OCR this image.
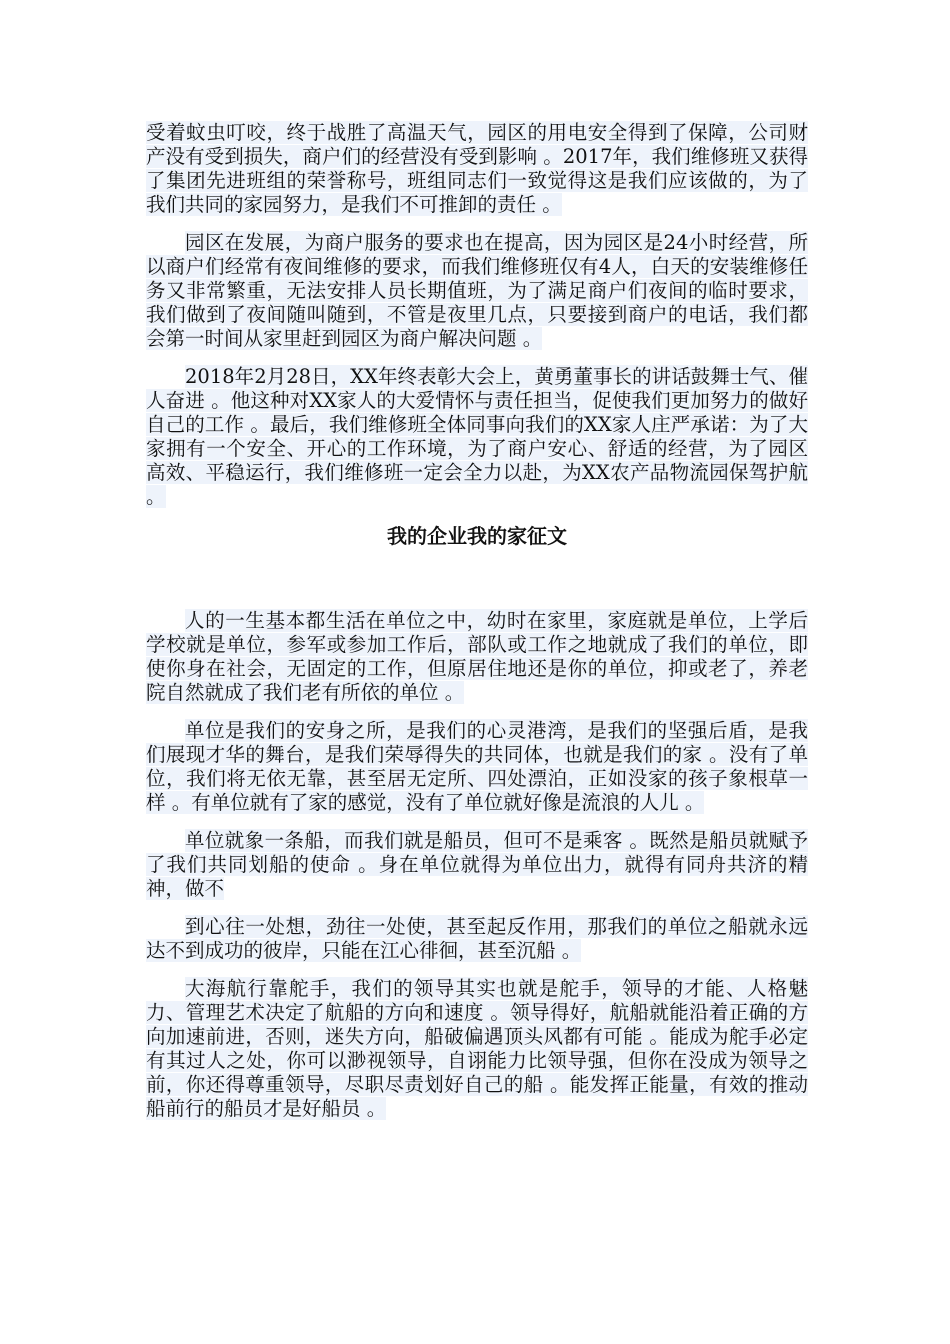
受着蚊虫叮咬，终于战胜了高温天气，园区的用电安全得到了保障，公司财产没有受到损失，商户们的经营没有受到影响 。2017年，我们维修班又获得了集团先进班组的荣誉称号，班组同志们一致觉得这是我们应该做的，为了我们共同的家园努力，是我们不可推卸的责任 。

园区在发展，为商户服务的要求也在提高，因为园区是24小时经营，所以商户们经常有夜间维修的要求，而我们维修班仅有4人，白天的安装维修任务又非常繁重，无法安排人员长期值班，为了满足商户们夜间的临时要求，我们做到了夜间随叫随到，不管是夜里几点，只要接到商户的电话，我们都会第一时间从家里赶到园区为商户解决问题 。

2018年2月28日，XX年终表彰大会上，黄勇董事长的讲话鼓舞士气、催人奋进 。他这种对XX家人的大爱情怀与责任担当，促使我们更加努力的做好自己的工作 。最后，我们维修班全体同事向我们的XX家人庄严承诺：为了大家拥有一个安全、开心的工作环境，为了商户安心、舒适的经营，为了园区高效、平稳运行，我们维修班一定会全力以赴，为XX农产品物流园保驾护航 。

我的企业我的家征文

人的一生基本都生活在单位之中，幼时在家里，家庭就是单位，上学后学校就是单位，参军或参加工作后，部队或工作之地就成了我们的单位，即使你身在社会，无固定的工作，但原居住地还是你的单位，抑或老了，养老院自然就成了我们老有所依的单位 。

单位是我们的安身之所，是我们的心灵港湾，是我们的坚强后盾，是我们展现才华的舞台，是我们荣辱得失的共同体，也就是我们的家 。没有了单位，我们将无依无靠，甚至居无定所、四处漂泊，正如没家的孩子象根草一样 。有单位就有了家的感觉，没有了单位就好像是流浪的人儿 。

单位就象一条船，而我们就是船员，但可不是乘客 。既然是船员就赋予了我们共同划船的使命 。身在单位就得为单位出力，就得有同舟共济的精神，做不

到心往一处想，劲往一处使，甚至起反作用，那我们的单位之船就永远达不到成功的彼岸，只能在江心徘徊，甚至沉船 。

大海航行靠舵手，我们的领导其实也就是舵手，领导的才能、人格魅力、管理艺术决定了航船的方向和速度 。领导得好，航船就能沿着正确的方向加速前进，否则，迷失方向，船破偏遇顶头风都有可能 。能成为舵手必定有其过人之处，你可以渺视领导，自诩能力比领导强，但你在没成为领导之前，你还得尊重领导，尽职尽责划好自己的船 。能发挥正能量，有效的推动船前行的船员才是好船员 。
